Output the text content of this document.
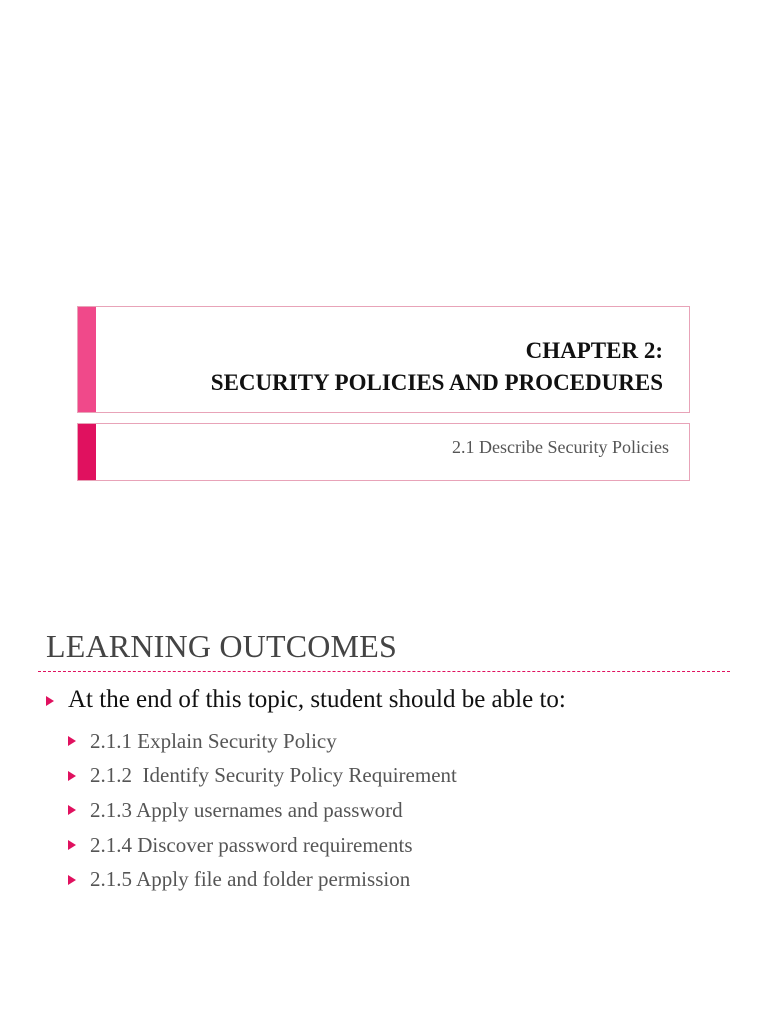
CHAPTER 2:
SECURITY POLICIES AND PROCEDURES
2.1 Describe Security Policies
LEARNING OUTCOMES
At the end of this topic, student should be able to:
2.1.1 Explain Security Policy
2.1.2  Identify Security Policy Requirement
2.1.3 Apply usernames and password
2.1.4 Discover password requirements
2.1.5 Apply file and folder permission
